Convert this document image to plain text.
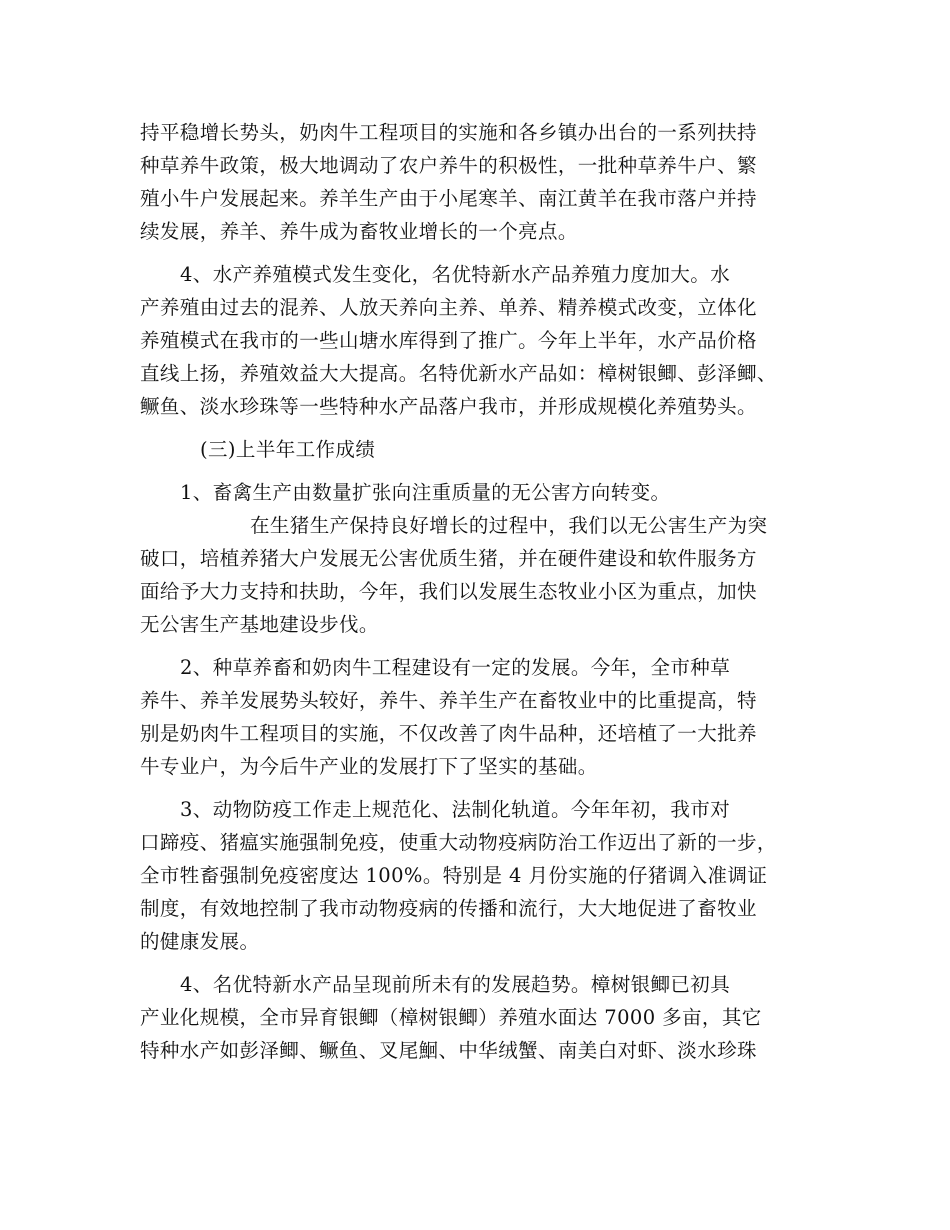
持平稳增长势头，奶肉牛工程项目的实施和各乡镇办出台的一系列扶持
种草养牛政策，极大地调动了农户养牛的积极性，一批种草养牛户、繁
殖小牛户发展起来。养羊生产由于小尾寒羊、南江黄羊在我市落户并持
续发展，养羊、养牛成为畜牧业增长的一个亮点。
4、水产养殖模式发生变化，名优特新水产品养殖力度加大。水
产养殖由过去的混养、人放天养向主养、单养、精养模式改变，立体化
养殖模式在我市的一些山塘水库得到了推广。今年上半年，水产品价格
直线上扬，养殖效益大大提高。名特优新水产品如：樟树银鲫、彭泽鲫、
鳜鱼、淡水珍珠等一些特种水产品落户我市，并形成规模化养殖势头。
(三)上半年工作成绩
1、畜禽生产由数量扩张向注重质量的无公害方向转变。
在生猪生产保持良好增长的过程中，我们以无公害生产为突
破口，培植养猪大户发展无公害优质生猪，并在硬件建设和软件服务方
面给予大力支持和扶助，今年，我们以发展生态牧业小区为重点，加快
无公害生产基地建设步伐。
2、种草养畜和奶肉牛工程建设有一定的发展。今年，全市种草
养牛、养羊发展势头较好，养牛、养羊生产在畜牧业中的比重提高，特
别是奶肉牛工程项目的实施，不仅改善了肉牛品种，还培植了一大批养
牛专业户，为今后牛产业的发展打下了坚实的基础。
3、动物防疫工作走上规范化、法制化轨道。今年年初，我市对
口蹄疫、猪瘟实施强制免疫，使重大动物疫病防治工作迈出了新的一步，
全市牲畜强制免疫密度达 100%。特别是 4 月份实施的仔猪调入准调证
制度，有效地控制了我市动物疫病的传播和流行，大大地促进了畜牧业
的健康发展。
4、名优特新水产品呈现前所未有的发展趋势。樟树银鲫已初具
产业化规模，全市异育银鲫（樟树银鲫）养殖水面达 7000 多亩，其它
特种水产如彭泽鲫、鳜鱼、叉尾鮰、中华绒蟹、南美白对虾、淡水珍珠
